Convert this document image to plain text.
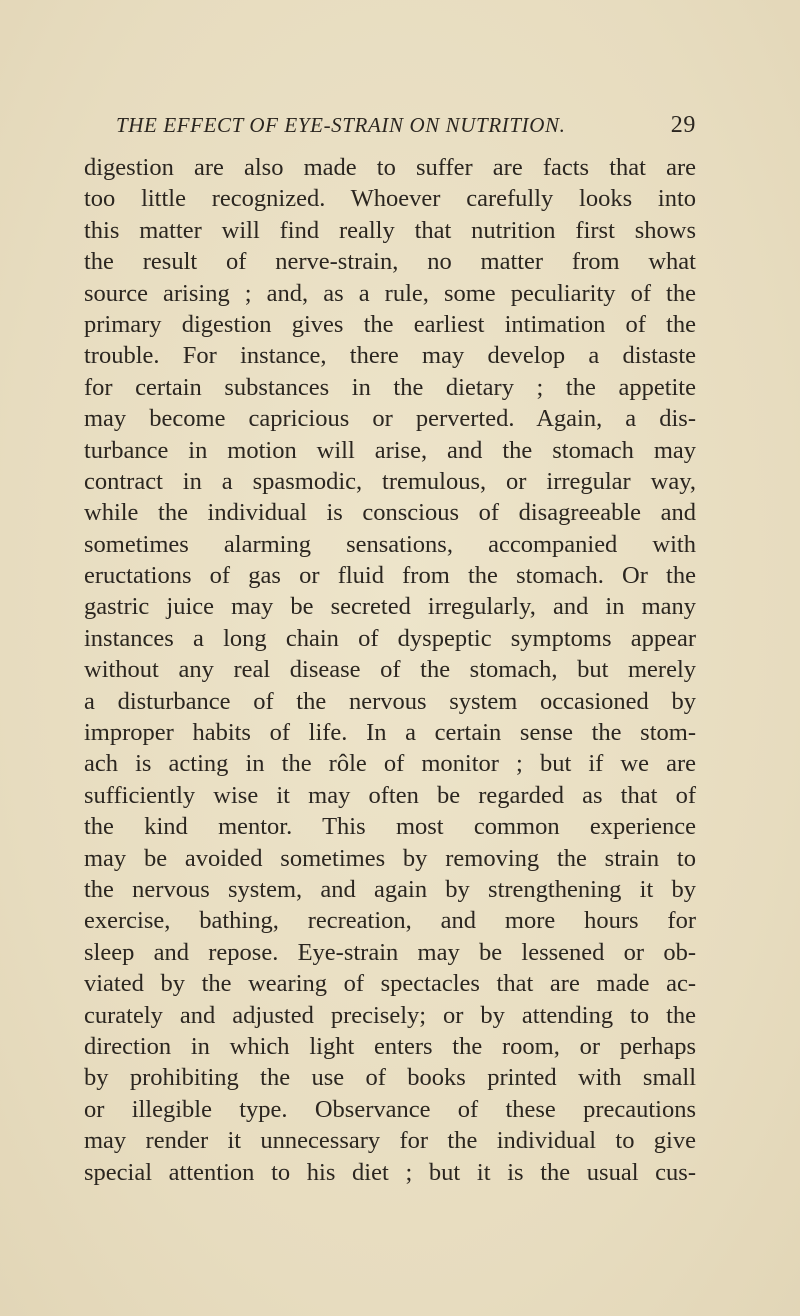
THE EFFECT OF EYE-STRAIN ON NUTRITION.	29
digestion are also made to suffer are facts that are
too little recognized. Whoever carefully looks into
this matter will find really that nutrition first shows
the result of nerve-strain, no matter from what
source arising ; and, as a rule, some peculiarity of the
primary digestion gives the earliest intimation of the
trouble. For instance, there may develop a distaste
for certain substances in the dietary ; the appetite
may become capricious or perverted. Again, a dis-
turbance in motion will arise, and the stomach may
contract in a spasmodic, tremulous, or irregular way,
while the individual is conscious of disagreeable and
sometimes alarming sensations, accompanied with
eructations of gas or fluid from the stomach. Or the
gastric juice may be secreted irregularly, and in many
instances a long chain of dyspeptic symptoms appear
without any real disease of the stomach, but merely
a disturbance of the nervous system occasioned by
improper habits of life. In a certain sense the stom-
ach is acting in the rôle of monitor ; but if we are
sufficiently wise it may often be regarded as that of
the kind mentor. This most common experience
may be avoided sometimes by removing the strain to
the nervous system, and again by strengthening it by
exercise, bathing, recreation, and more hours for
sleep and repose. Eye-strain may be lessened or ob-
viated by the wearing of spectacles that are made ac-
curately and adjusted precisely; or by attending to the
direction in which light enters the room, or perhaps
by prohibiting the use of books printed with small
or illegible type. Observance of these precautions
may render it unnecessary for the individual to give
special attention to his diet ; but it is the usual cus-
